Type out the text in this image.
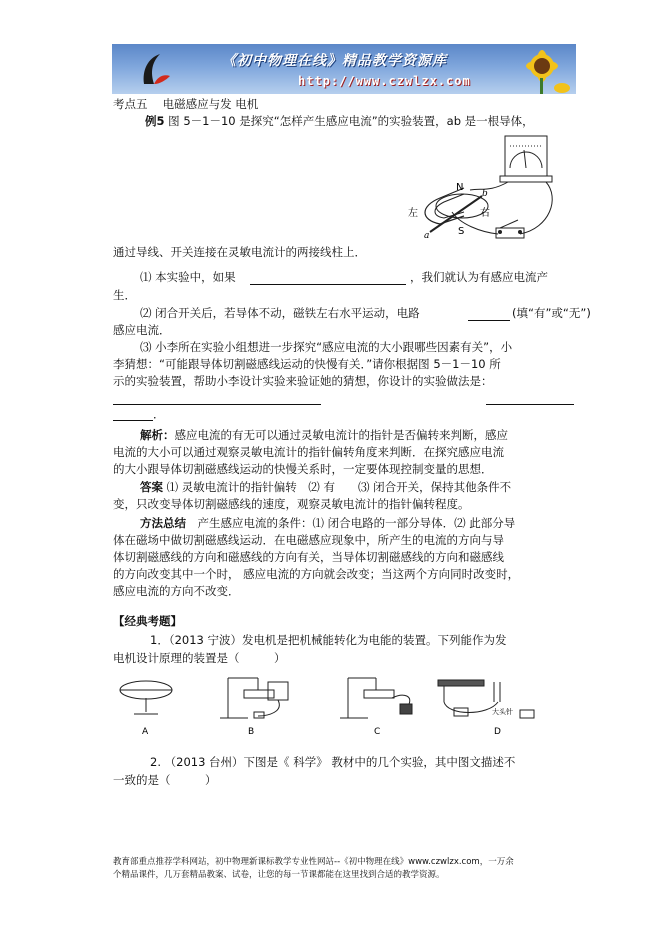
《初中物理在线》精品教学资源库
http://www.czwlzx.com
考点五　 电磁感应与发 电机
例5 图 5－1－10 是探究“怎样产生感应电流”的实验装置，ab 是一根导体，
N
S
左	右
a
b
通过导线、开关连接在灵敏电流计的两接线柱上．
⑴ 本实验中，如果	，我们就认为有感应电流产
生．
⑵ 闭合开关后，若导体不动，磁铁左右水平运动，电路	(填“有”或“无”)
感应电流．
⑶ 小李所在实验小组想进一步探究“感应电流的大小跟哪些因素有关”，小
李猜想：“可能跟导体切割磁感线运动的快慢有关．”请你根据图 5－1－10 所
示的实验装置，帮助小李设计实验来验证她的猜想，你设计的实验做法是：
．
解析：感应电流的有无可以通过灵敏电流计的指针是否偏转来判断，感应
电流的大小可以通过观察灵敏电流计的指针偏转角度来判断．在探究感应电流
的大小跟导体切割磁感线运动的快慢关系时，一定要体现控制变量的思想．
答案 ⑴ 灵敏电流计的指针偏转　⑵ 有　　⑶ 闭合开关，保持其他条件不
变，只改变导体切割磁感线的速度，观察灵敏电流计的指针偏转程度。
方法总结　产生感应电流的条件：⑴ 闭合电路的一部分导体．⑵ 此部分导
体在磁场中做切割磁感线运动．在电磁感应现象中，所产生的电流的方向与导
体切割磁感线的方向和磁感线的方向有关，当导体切割磁感线的方向和磁感线
的方向改变其中一个时， 感应电流的方向就会改变；当这两个方向同时改变时，
感应电流的方向不改变．
【经典考题】
1．（2013 宁波）发电机是把机械能转化为电能的装置。下列能作为发
电机设计原理的装置是（　　　）
A	B	C
大头针
D
2. （2013 台州）下图是《 科学》 教材中的几个实验，其中图文描述不
一致的是（　　　）
教育部重点推荐学科网站，初中物理新课标教学专业性网站--《初中物理在线》www.czwlzx.com，一万余
个精品课件，几万套精品教案、试卷，让您的每一节课都能在这里找到合适的教学资源。
